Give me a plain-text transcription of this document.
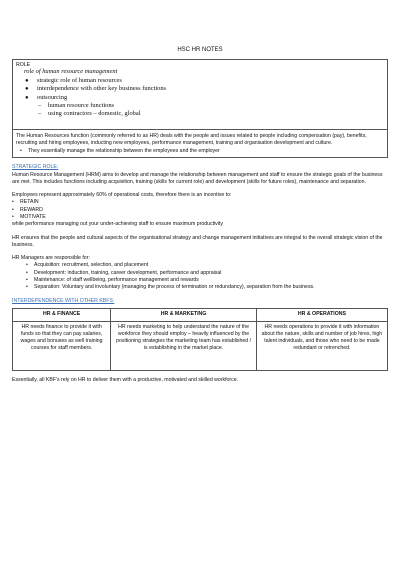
HSC HR NOTES
ROLE
role of human resource management
● strategic role of human resources
● interdependence with other key business functions
● outsourcing
– human resource functions
– using contractors – domestic, global
The Human Resources function (commonly referred to as HR) deals with the people and issues related to people including compensation (pay), benefits, recruiting and hiring employees, inducting new employees, performance management, training and organisation development and culture.
• They essentially manage the relationship between the employees and the employer
STRATEGIC ROLE:

Human Resource Management (HRM) aims to develop and manage the relationship between management and staff to ensure the strategic goals of the business are met. This includes functions including acquisition, training (skills for current role) and development (skills for future roles), maintenance and separation.

Employees represent approximately 60% of operational costs, therefore there is an incentive to:

• RETAIN
• REWARD
• MOTIVATE

while performance managing out your under-achieving staff to ensure maximum productivity

HR ensures that the people and cultural aspects of the organisational strategy and change management initiatives are integral to the overall strategic vision of the business.

HR Managers are responsible for:

• Acquisition: recruitment, selection, and placement
• Development: induction, training, career development, performance and appraisal
• Maintenance: of staff wellbeing, performance management and rewards
• Separation: Voluntary and involuntary (managing the process of termination or redundancy), separation from the business.
INTERDEPENDENCE WITH OTHER KBFS:
HR & FINANCE	HR & MARKETING	HR & OPERATIONS
HR needs finance to provide it with funds so that they can pay salaries, wages and bonuses as well training courses for staff members.	HR needs marketing to help understand the nature of the workforce they should employ – heavily influenced by the positioning strategies the marketing team has established / is establishing in the market place.	HR needs operations to provide it with information about the nature, skills and number of job hires, high talent individuals, and those who need to be made redundant or retrenched.

Essentially, all KBF's rely on HR to deliver them with a productive, motivated and skilled workforce.
